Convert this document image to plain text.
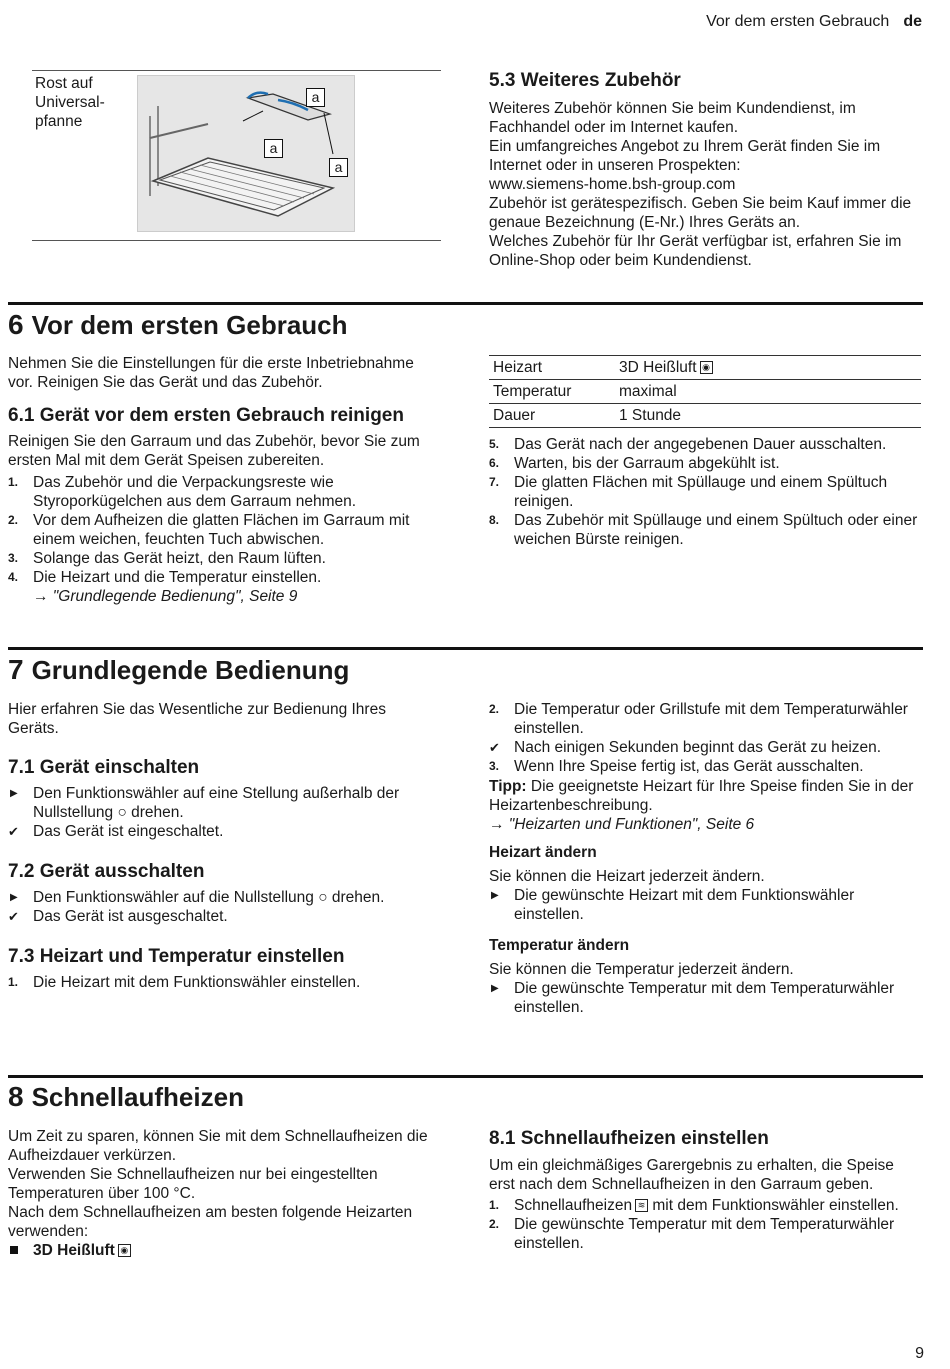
Vor dem ersten Gebrauch de
Rost auf
Universal-
pfanne
a
a
a
5.3 Weiteres Zubehör

Weiteres Zubehör können Sie beim Kundendienst, im Fachhandel oder im Internet kaufen.

Ein umfangreiches Angebot zu Ihrem Gerät finden Sie im Internet oder in unseren Prospekten:

www.siemens-home.bsh-group.com

Zubehör ist gerätespezifisch. Geben Sie beim Kauf immer die genaue Bezeichnung (E-Nr.) Ihres Geräts an.

Welches Zubehör für Ihr Gerät verfügbar ist, erfahren Sie im Online-Shop oder beim Kundendienst.

6 Vor dem ersten Gebrauch

Nehmen Sie die Einstellungen für die erste Inbetriebnahme vor. Reinigen Sie das Gerät und das Zubehör.

6.1 Gerät vor dem ersten Gebrauch reinigen

Reinigen Sie den Garraum und das Zubehör, bevor Sie zum ersten Mal mit dem Gerät Speisen zubereiten.

1. Das Zubehör und die Verpackungsreste wie Styroporkügelchen aus dem Garraum nehmen.
2. Vor dem Aufheizen die glatten Flächen im Garraum mit einem weichen, feuchten Tuch abwischen.
3. Solange das Gerät heizt, den Raum lüften.
4. Die Heizart und die Temperatur einstellen.
→ "Grundlegende Bedienung", Seite 9
Heizart	3D Heißluft ◉
Temperatur	maximal
Dauer	1 Stunde
5. Das Gerät nach der angegebenen Dauer ausschalten.
6. Warten, bis der Garraum abgekühlt ist.
7. Die glatten Flächen mit Spüllauge und einem Spültuch reinigen.
8. Das Zubehör mit Spüllauge und einem Spültuch oder einer weichen Bürste reinigen.
7 Grundlegende Bedienung

Hier erfahren Sie das Wesentliche zur Bedienung Ihres Geräts.

7.1 Gerät einschalten
▶ Den Funktionswähler auf eine Stellung außerhalb der Nullstellung ○ drehen.
✔ Das Gerät ist eingeschaltet.
7.2 Gerät ausschalten
▶ Den Funktionswähler auf die Nullstellung ○ drehen.
✔ Das Gerät ist ausgeschaltet.
7.3 Heizart und Temperatur einstellen
1. Die Heizart mit dem Funktionswähler einstellen.
2. Die Temperatur oder Grillstufe mit dem Temperaturwähler einstellen.
✔ Nach einigen Sekunden beginnt das Gerät zu heizen.
3. Wenn Ihre Speise fertig ist, das Gerät ausschalten.

Tipp: Die geeignetste Heizart für Ihre Speise finden Sie in der Heizartenbeschreibung.

→ "Heizarten und Funktionen", Seite 6

Heizart ändern

Sie können die Heizart jederzeit ändern.

▶ Die gewünschte Heizart mit dem Funktionswähler einstellen.
Temperatur ändern

Sie können die Temperatur jederzeit ändern.

▶ Die gewünschte Temperatur mit dem Temperaturwähler einstellen.
8 Schnellaufheizen

Um Zeit zu sparen, können Sie mit dem Schnellaufheizen die Aufheizdauer verkürzen.

Verwenden Sie Schnellaufheizen nur bei eingestellten Temperaturen über 100 °C.

Nach dem Schnellaufheizen am besten folgende Heizarten verwenden:

3D Heißluft ◉
8.1 Schnellaufheizen einstellen

Um ein gleichmäßiges Garergebnis zu erhalten, die Speise erst nach dem Schnellaufheizen in den Garraum geben.

1. Schnellaufheizen ≋ mit dem Funktionswähler einstellen.
2. Die gewünschte Temperatur mit dem Temperaturwähler einstellen.
9
